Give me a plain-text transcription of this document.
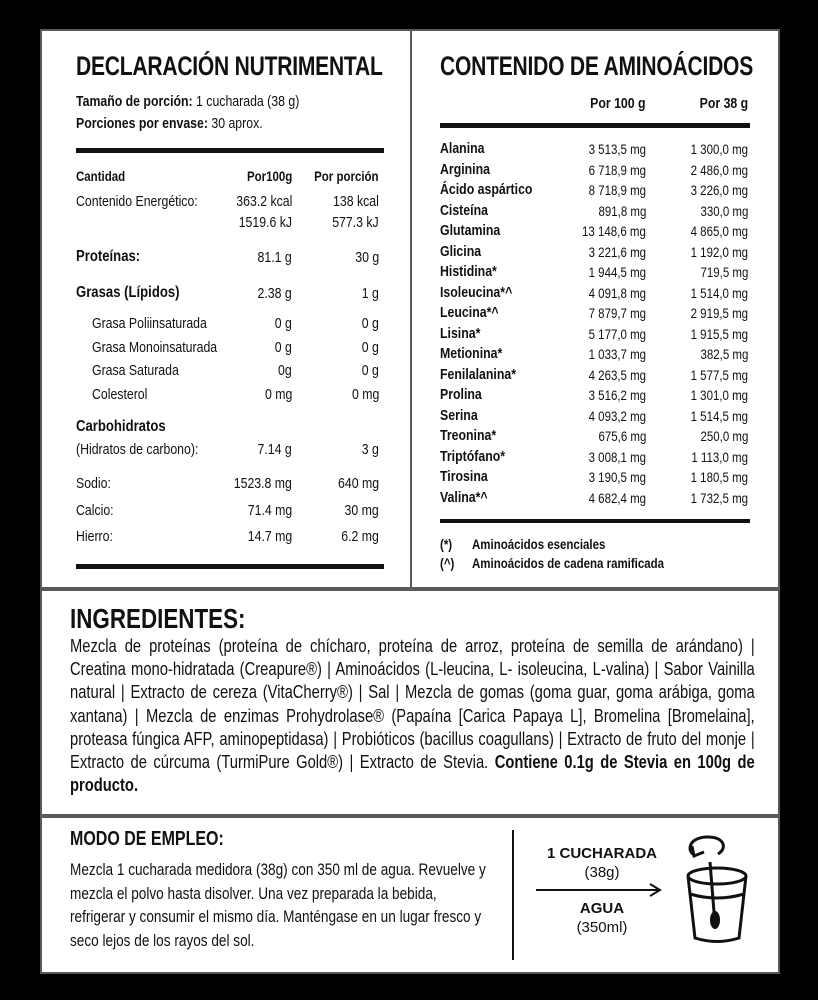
DECLARACIÓN NUTRIMENTAL
Tamaño de porción: 1 cucharada (38 g)
Porciones por envase: 30 aprox.
Cantidad	Por100g Por porción
Contenido Energético:	363.2 kcal	138 kcal
1519.6 kJ	577.3 kJ
Proteínas:	81.1 g	30 g
Grasas (Lípidos)	2.38 g	1 g
Grasa Poliinsaturada	0 g	0 g
Grasa Monoinsaturada	0 g	0 g
Grasa Saturada	0g	0 g
Colesterol	0 mg	0 mg
Carbohidratos
(Hidratos de carbono):	7.14 g	3 g
Sodio:	1523.8 mg	640 mg
Calcio:	71.4 mg	30 mg
Hierro:	14.7 mg	6.2 mg
CONTENIDO DE AMINOÁCIDOS
Por 100 g	Por 38 g
Alanina	3 513,5 mg	1 300,0 mg
Arginina	6 718,9 mg	2 486,0 mg
Ácido aspártico	8 718,9 mg	3 226,0 mg
Cisteína	891,8 mg	330,0 mg
Glutamina	13 148,6 mg	4 865,0 mg
Glicina	3 221,6 mg	1 192,0 mg
Histidina*	1 944,5 mg	719,5 mg
Isoleucina*^	4 091,8 mg	1 514,0 mg
Leucina*^	7 879,7 mg	2 919,5 mg
Lisina*	5 177,0 mg	1 915,5 mg
Metionina*	1 033,7 mg	382,5 mg
Fenilalanina*	4 263,5 mg	1 577,5 mg
Prolina	3 516,2 mg	1 301,0 mg
Serina	4 093,2 mg	1 514,5 mg
Treonina*	675,6 mg	250,0 mg
Triptófano*	3 008,1 mg	1 113,0 mg
Tirosina	3 190,5 mg	1 180,5 mg
Valina*^	4 682,4 mg	1 732,5 mg
(*) Aminoácidos esenciales
(^) Aminoácidos de cadena ramificada
INGREDIENTES:
Mezcla de proteínas (proteína de chícharo, proteína de arroz, proteína de semilla de arándano) | Creatina mono-hidratada (Creapure®) | Aminoácidos (L-leucina, L- isoleucina, L-valina) | Sabor Vainilla natural | Extracto de cereza (VitaCherry®) | Sal | Mezcla de gomas (goma guar, goma arábiga, goma xantana) | Mezcla de enzimas Prohydrolase® (Papaína [Carica Papaya L], Bromelina [Bromelaina], proteasa fúngica AFP, aminopeptidasa) | Probióticos (bacillus coagullans) | Extracto de fruto del monje | Extracto de cúrcuma (TurmiPure Gold®) | Extracto de Stevia. Contiene 0.1g de Stevia en 100g de producto.
MODO DE EMPLEO:
Mezcla 1 cucharada medidora (38g) con 350 ml de agua. Revuelve y mezcla el polvo hasta disolver. Una vez preparada la bebida, refrigerar y consumir el mismo día. Manténgase en un lugar fresco y seco lejos de los rayos del sol.
1 CUCHARADA
(38g)
AGUA
(350ml)
